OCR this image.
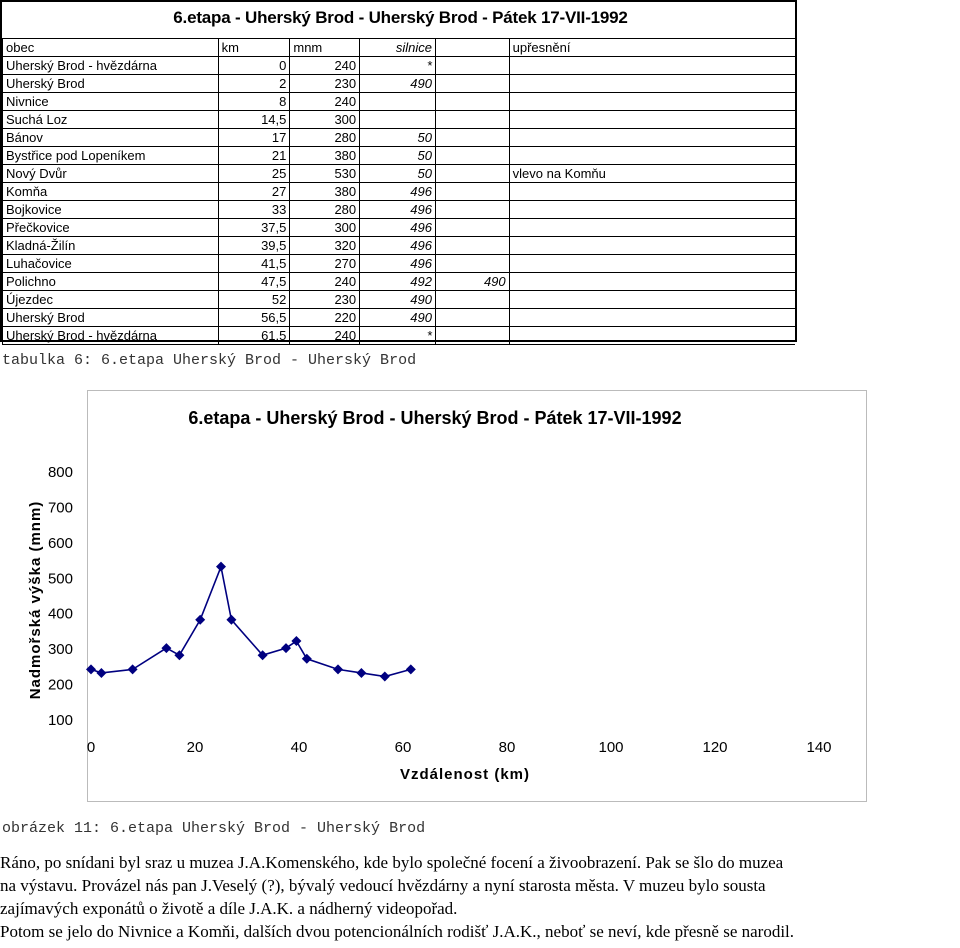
6.etapa - Uherský Brod - Uherský Brod - Pátek 17-VII-1992
obec	km	mnm	silnice		upřesnění
Uherský Brod - hvězdárna	0	240	*		
Uherský Brod	2	230	490		
Nivnice	8	240			
Suchá Loz	14,5	300			
Bánov	17	280	50		
Bystřice pod Lopeníkem	21	380	50		
Nový Dvůr	25	530	50		vlevo na Komňu
Komňa	27	380	496		
Bojkovice	33	280	496		
Přečkovice	37,5	300	496		
Kladná-Žilín	39,5	320	496		
Luhačovice	41,5	270	496		
Polichno	47,5	240	492	490	
Újezdec	52	230	490		
Uherský Brod	56,5	220	490		
Uherský Brod - hvězdárna	61,5	240	*		
tabulka 6: 6.etapa Uherský Brod - Uherský Brod
6.etapa - Uherský Brod - Uherský Brod - Pátek 17-VII-1992
100
200
300
400
500
600
700
800
0	20	40	60	80	100	120	140
Vzdálenost (km)
Nadmořská výška (mnm)
obrázek 11: 6.etapa Uherský Brod - Uherský Brod
Ráno, po snídani byl sraz u muzea J.A.Komenského, kde bylo společné focení a živoobrazení. Pak se šlo do muzea
na výstavu. Provázel nás pan J.Veselý (?), bývalý vedoucí hvězdárny a nyní starosta města. V muzeu bylo sousta
zajímavých exponátů o životě a díle J.A.K. a nádherný videopořad.
Potom se jelo do Nivnice a Komňi, dalších dvou potencionálních rodišť J.A.K., neboť se neví, kde přesně se narodil.
